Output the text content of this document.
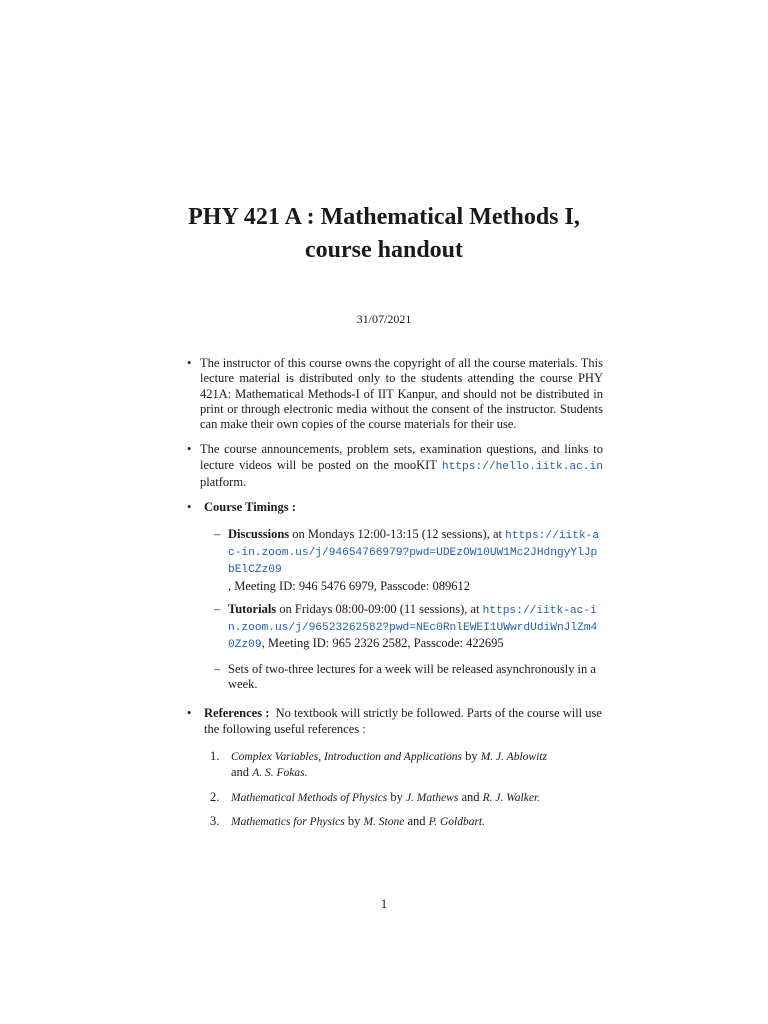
PHY 421 A : Mathematical Methods I,
course handout
31/07/2021
• The instructor of this course owns the copyright of all the course materials. This lecture material is distributed only to the students attending the course PHY 421A: Mathematical Methods-I of IIT Kanpur, and should not be distributed in print or through electronic media without the consent of the instructor. Students can make their own copies of the course materials for their use.

• The course announcements, problem sets, examination questions, and links to lecture videos will be posted on the mooKIT https://hello.iitk.ac.in platform.

•	Course Timings :

– Discussions on Mondays 12:00-13:15 (12 sessions), at https://iitk-ac-in.zoom.us/j/94654766979?pwd=UDEzOW10UW1Mc2JHdngyYlJpbElCZz09
, Meeting ID: 946 5476 6979, Passcode: 089612

– Tutorials on Fridays 08:00-09:00 (11 sessions), at https://iitk-ac-in.zoom.us/j/96523262582?pwd=NEc0RnlEWEI1UWwrdUdiWnJlZm40Zz09, Meeting ID: 965 2326 2582, Passcode: 422695

– Sets of two-three lectures for a week will be released asynchronously in a week.

•	References : No textbook will strictly be followed. Parts of the course will use the following useful references :

1. Complex Variables, Introduction and Applications by M. J. Ablowitz
and A. S. Fokas.
2. Mathematical Methods of Physics by J. Mathews and R. J. Walker.
3. Mathematics for Physics by M. Stone and P. Goldbart.
1
